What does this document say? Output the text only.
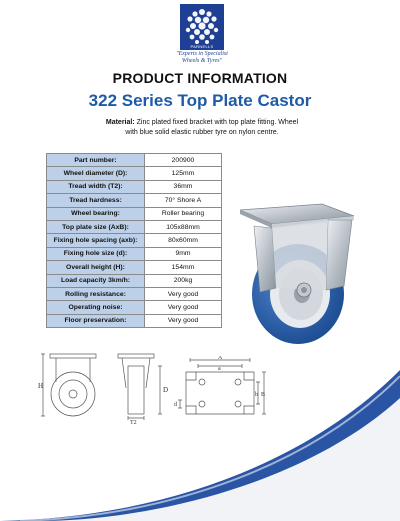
PARNELLS
"Experts in Specialist
Wheels & Tyres"
PRODUCT INFORMATION
322 Series Top Plate Castor
Material: Zinc plated fixed bracket with top plate fitting. Wheel
with blue solid elastic rubber tyre on nylon centre.
Part number:	200900
Wheel diameter (D):	125mm
Tread width (T2):	36mm
Tread hardness:	70° Shore A
Wheel bearing:	Roller bearing
Top plate size (AxB):	105x88mm
Fixing hole spacing (axb):	80x60mm
Fixing hole size (d):	9mm
Overall height (H):	154mm
Load capacity 3km/h:	200kg
Rolling resistance:	Very good
Operating noise:	Very good
Floor preservation:	Very good
H
T2
D
A
a
b B
d
